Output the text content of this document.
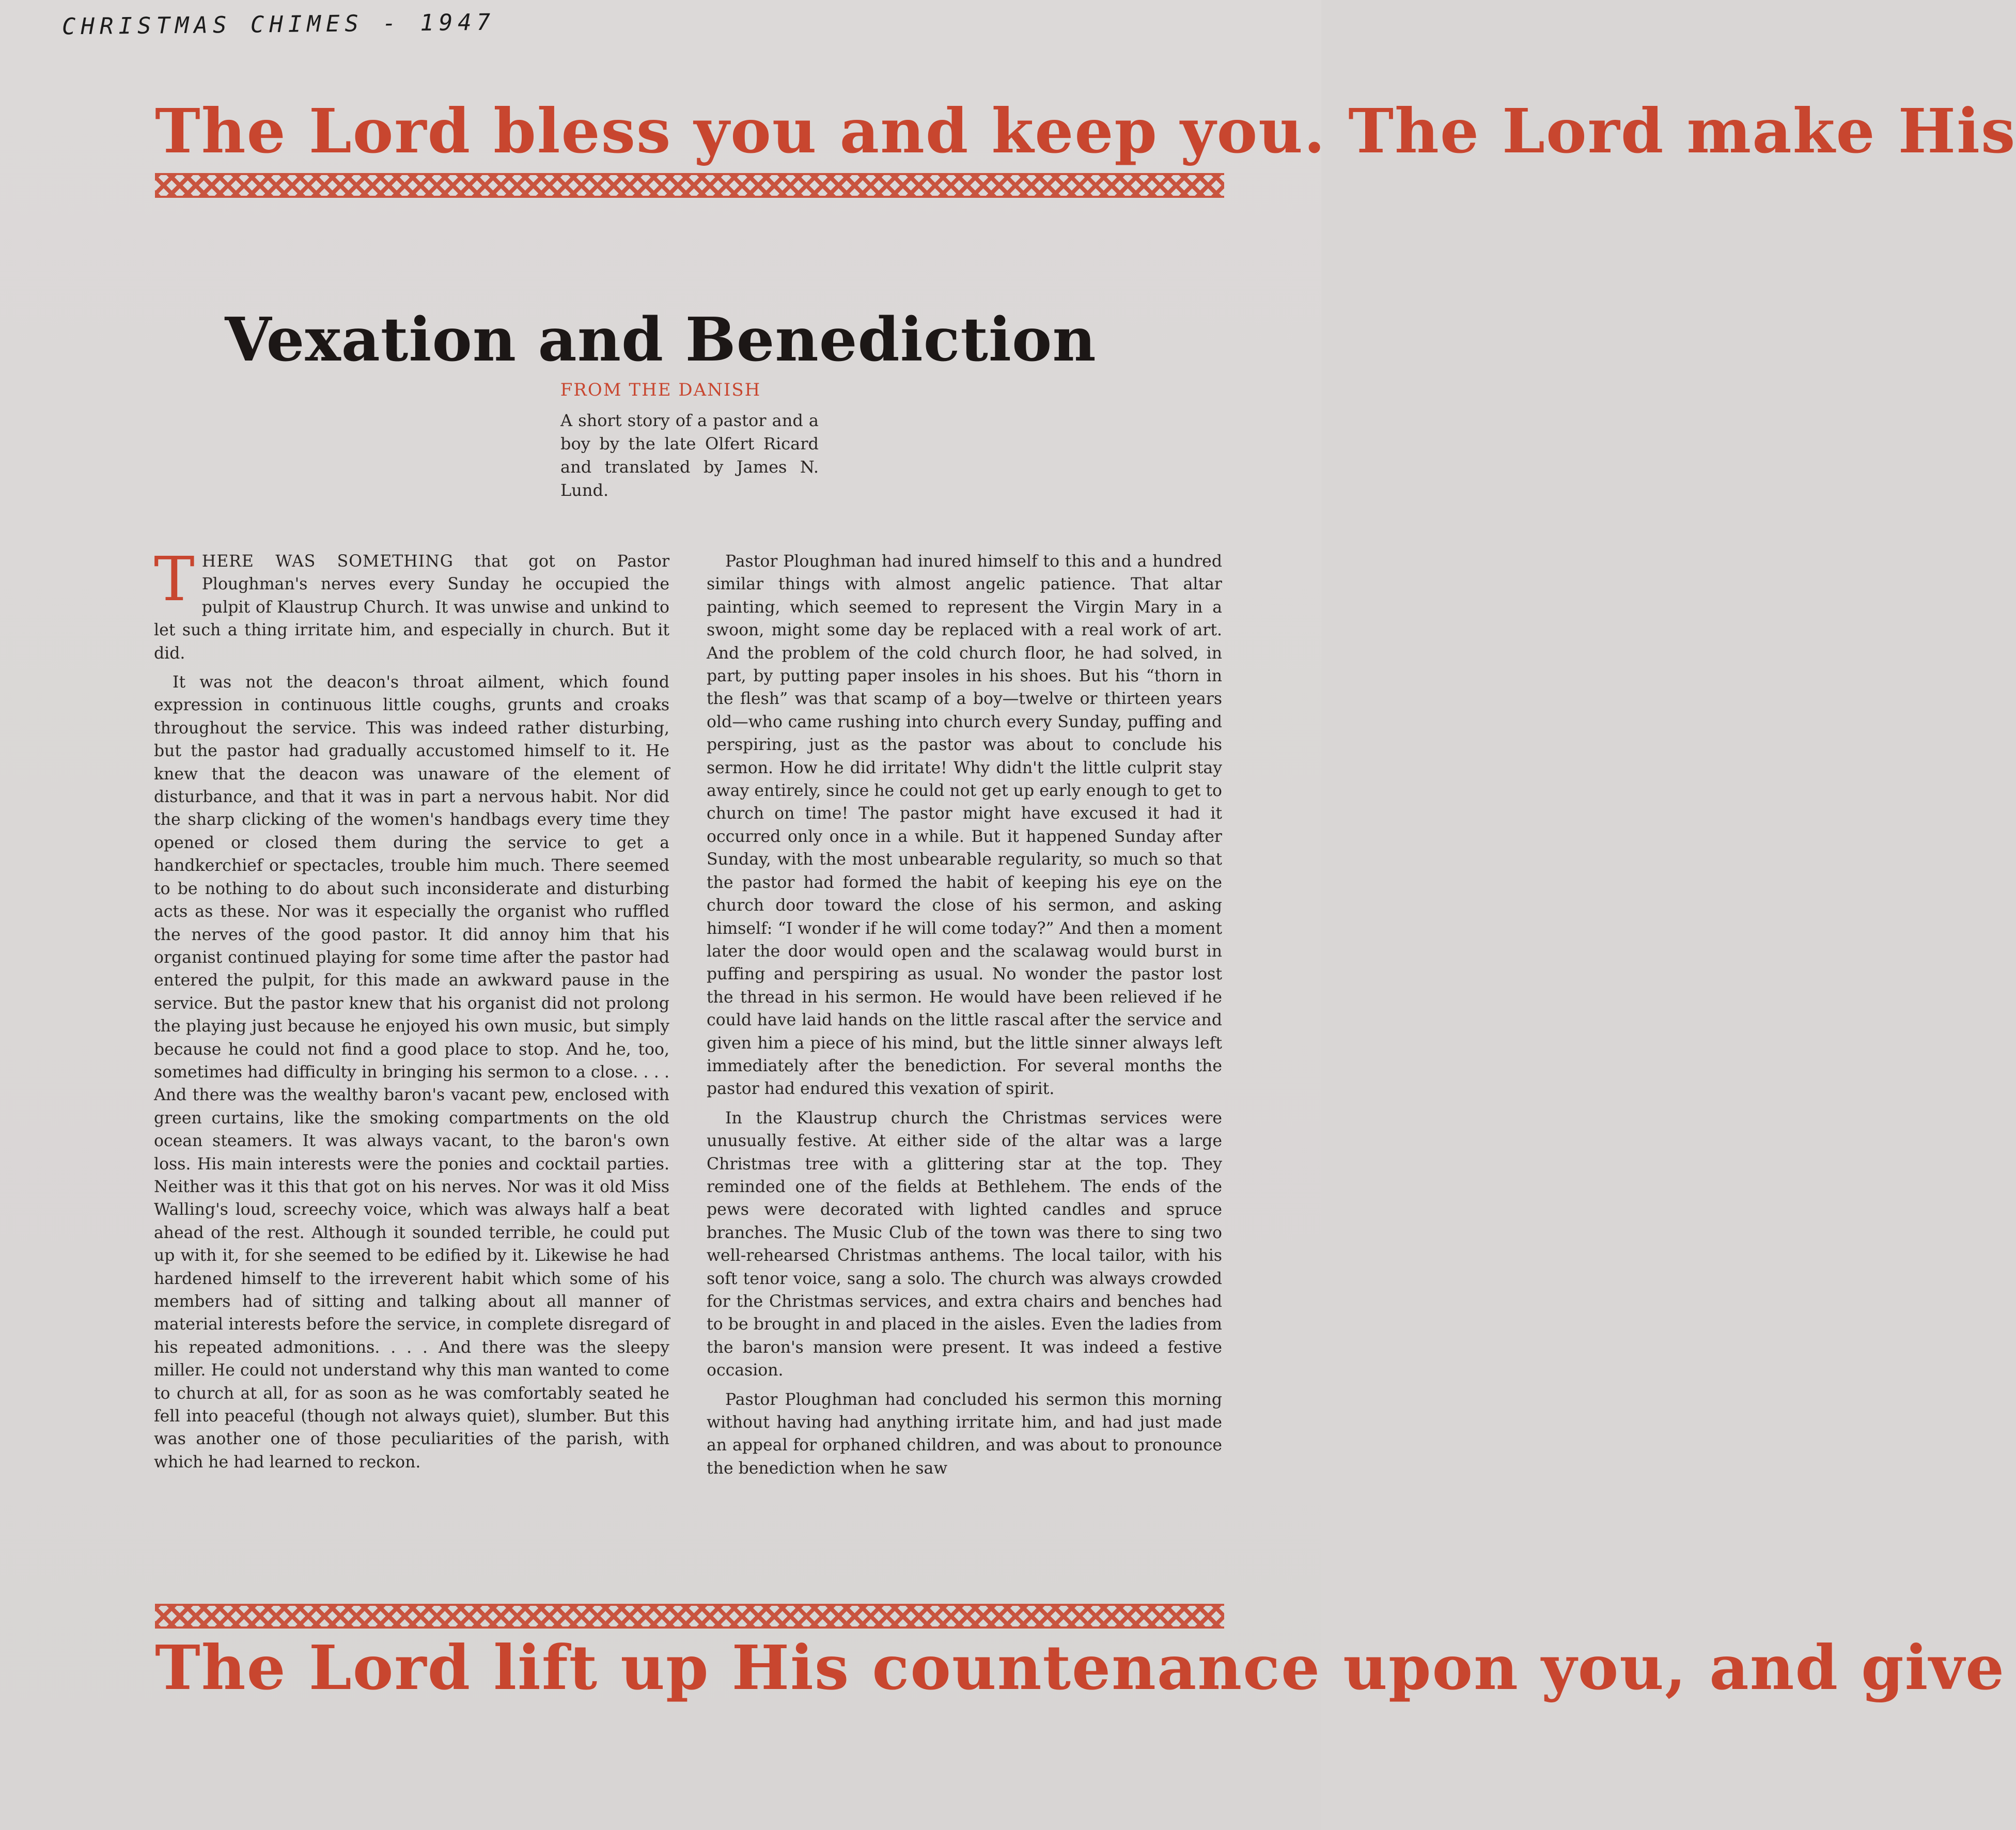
CHRISTMAS CHIMES - 1947
The Lord bless you and keep you. The Lord make His
Vexation and Benediction
FROM THE DANISH
A short story of a pastor and a boy by the late Olfert Ricard and translated by James N. Lund.

THERE WAS SOMETHING that got on Pastor Ploughman's nerves every Sunday he occupied the pulpit of Klaustrup Church. It was unwise and unkind to let such a thing irritate him, and especially in church. But it did.

It was not the deacon's throat ailment, which found expression in continuous little coughs, grunts and croaks throughout the service. This was indeed rather disturbing, but the pastor had gradually accustomed himself to it. He knew that the deacon was unaware of the element of disturbance, and that it was in part a nervous habit. Nor did the sharp clicking of the women's handbags every time they opened or closed them during the service to get a handkerchief or spectacles, trouble him much. There seemed to be nothing to do about such inconsiderate and disturbing acts as these. Nor was it especially the organist who ruffled the nerves of the good pastor. It did annoy him that his organist continued playing for some time after the pastor had entered the pulpit, for this made an awkward pause in the service. But the pastor knew that his organist did not prolong the playing just because he enjoyed his own music, but simply because he could not find a good place to stop. And he, too, sometimes had difficulty in bringing his sermon to a close. . . . And there was the wealthy baron's vacant pew, enclosed with green curtains, like the smoking compartments on the old ocean steamers. It was always vacant, to the baron's own loss. His main interests were the ponies and cocktail parties. Neither was it this that got on his nerves. Nor was it old Miss Walling's loud, screechy voice, which was always half a beat ahead of the rest. Although it sounded terrible, he could put up with it, for she seemed to be edified by it. Likewise he had hardened himself to the irreverent habit which some of his members had of sitting and talking about all manner of material interests before the service, in complete disregard of his repeated admonitions. . . . And there was the sleepy miller. He could not understand why this man wanted to come to church at all, for as soon as he was comfortably seated he fell into peaceful (though not always quiet), slumber. But this was another one of those peculiarities of the parish, with which he had learned to reckon.

Pastor Ploughman had inured himself to this and a hundred similar things with almost angelic patience. That altar painting, which seemed to represent the Virgin Mary in a swoon, might some day be replaced with a real work of art. And the problem of the cold church floor, he had solved, in part, by putting paper insoles in his shoes. But his “thorn in the flesh” was that scamp of a boy—twelve or thirteen years old—who came rushing into church every Sunday, puffing and perspiring, just as the pastor was about to conclude his sermon. How he did irritate! Why didn't the little culprit stay away entirely, since he could not get up early enough to get to church on time! The pastor might have excused it had it occurred only once in a while. But it happened Sunday after Sunday, with the most unbearable regularity, so much so that the pastor had formed the habit of keeping his eye on the church door toward the close of his sermon, and asking himself: “I wonder if he will come today?” And then a moment later the door would open and the scalawag would burst in puffing and perspiring as usual. No wonder the pastor lost the thread in his sermon. He would have been relieved if he could have laid hands on the little rascal after the service and given him a piece of his mind, but the little sinner always left immediately after the benediction. For several months the pastor had endured this vexation of spirit.

In the Klaustrup church the Christmas services were unusually festive. At either side of the altar was a large Christmas tree with a glittering star at the top. They reminded one of the fields at Bethlehem. The ends of the pews were decorated with lighted candles and spruce branches. The Music Club of the town was there to sing two well-rehearsed Christmas anthems. The local tailor, with his soft tenor voice, sang a solo. The church was always crowded for the Christmas services, and extra chairs and benches had to be brought in and placed in the aisles. Even the ladies from the baron's mansion were present. It was indeed a festive occasion.

Pastor Ploughman had concluded his sermon this morning without having had anything irritate him, and had just made an appeal for orphaned children, and was about to pronounce the benediction when he saw

The Lord lift up His countenance upon you, and give
